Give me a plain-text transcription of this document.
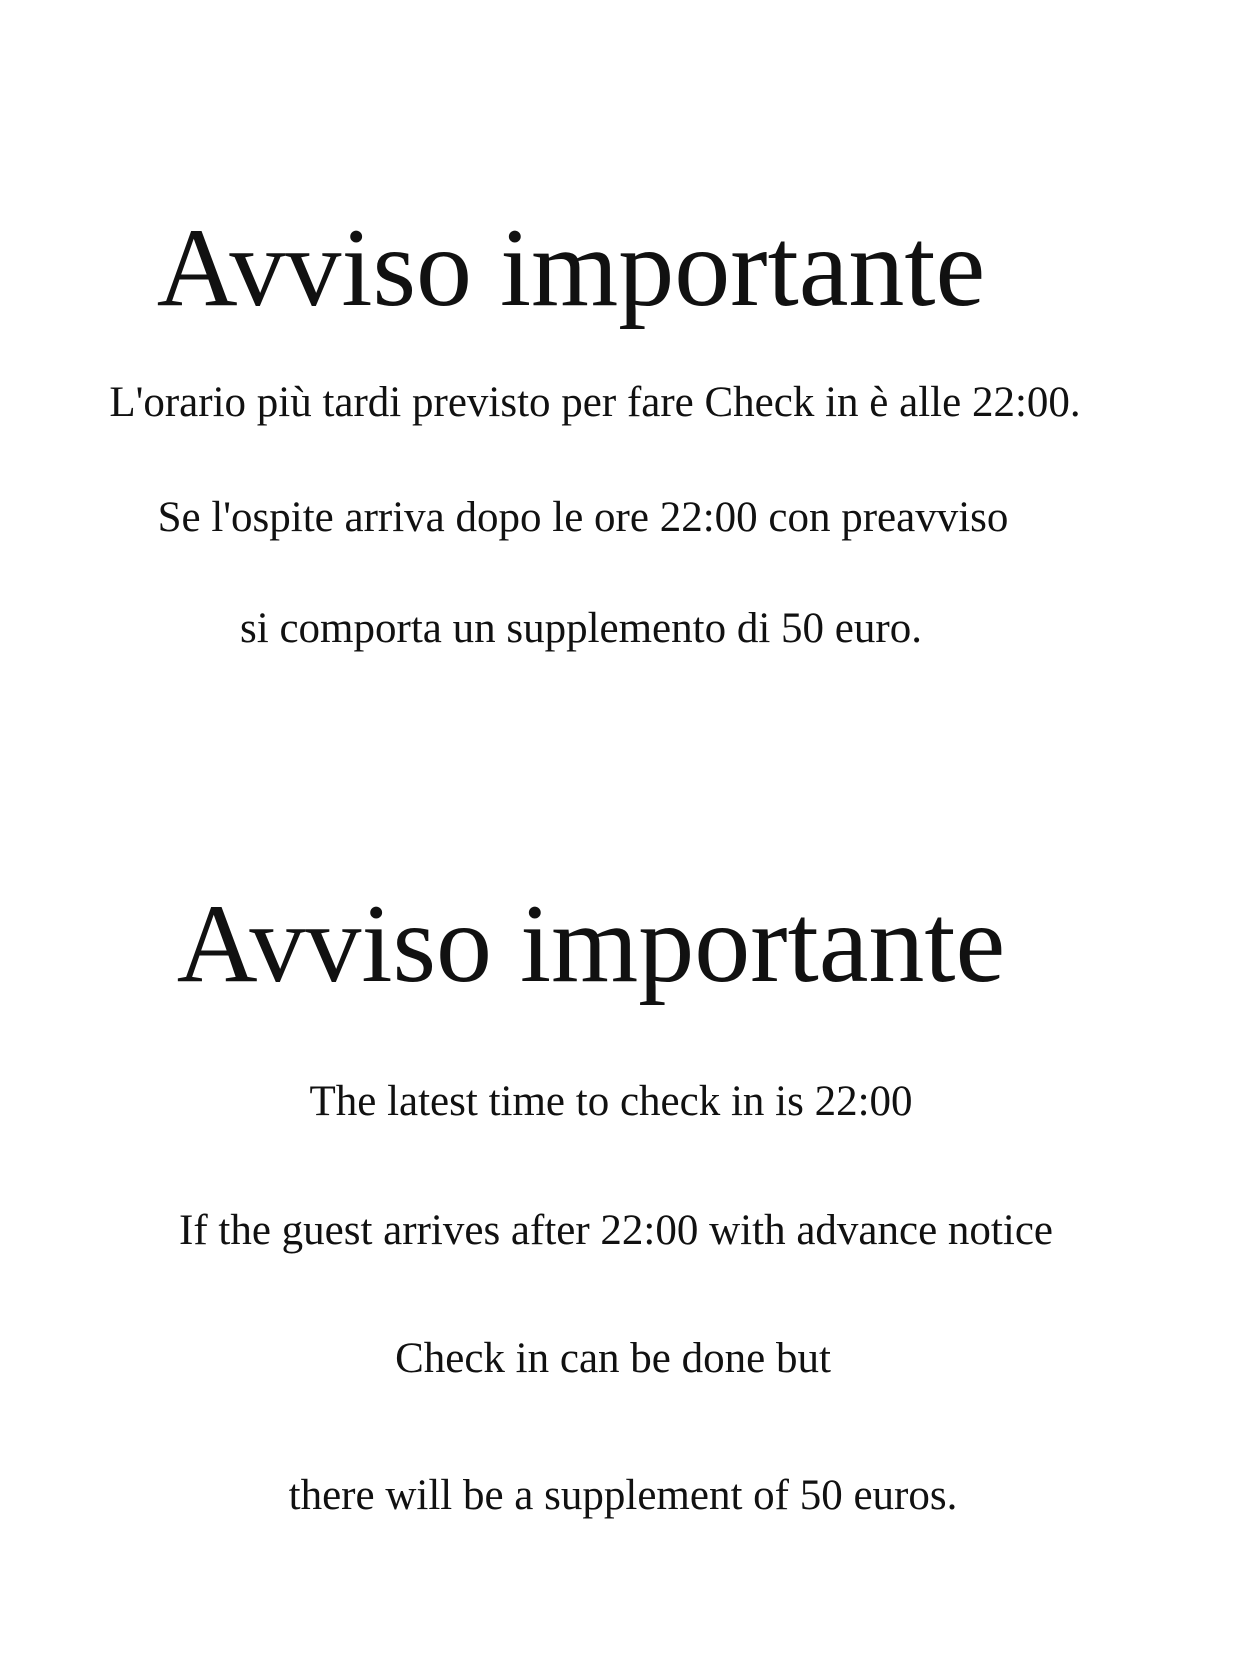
Avviso importante

L'orario più tardi previsto per fare Check in è alle 22:00.

Se l'ospite arriva dopo le ore 22:00 con preavviso

si comporta un supplemento di 50 euro.

Avviso importante

The latest time to check in is 22:00

If the guest arrives after 22:00 with advance notice

Check in can be done but

there will be a supplement of 50 euros.
